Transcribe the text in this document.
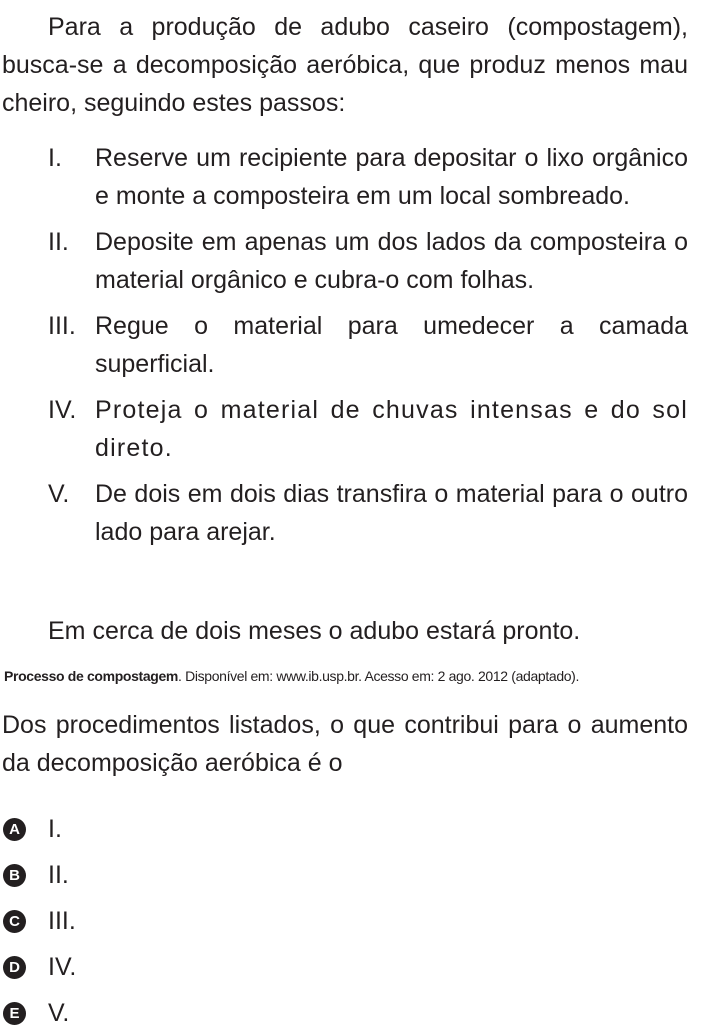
Para a produção de adubo caseiro (compostagem), busca-se a decomposição aeróbica, que produz menos mau cheiro, seguindo estes passos:

I. Reserve um recipiente para depositar o lixo orgânico e monte a composteira em um local sombreado.
II. Deposite em apenas um dos lados da composteira o material orgânico e cubra-o com folhas.
III. Regue o material para umedecer a camada superficial.
IV. Proteja o material de chuvas intensas e do sol direto.
V. De dois em dois dias transfira o material para o outro lado para arejar.

Em cerca de dois meses o adubo estará pronto.

Processo de compostagem. Disponível em: www.ib.usp.br. Acesso em: 2 ago. 2012 (adaptado).

Dos procedimentos listados, o que contribui para o aumento da decomposição aeróbica é o

A I.
B II.
C III.
D IV.
E V.
